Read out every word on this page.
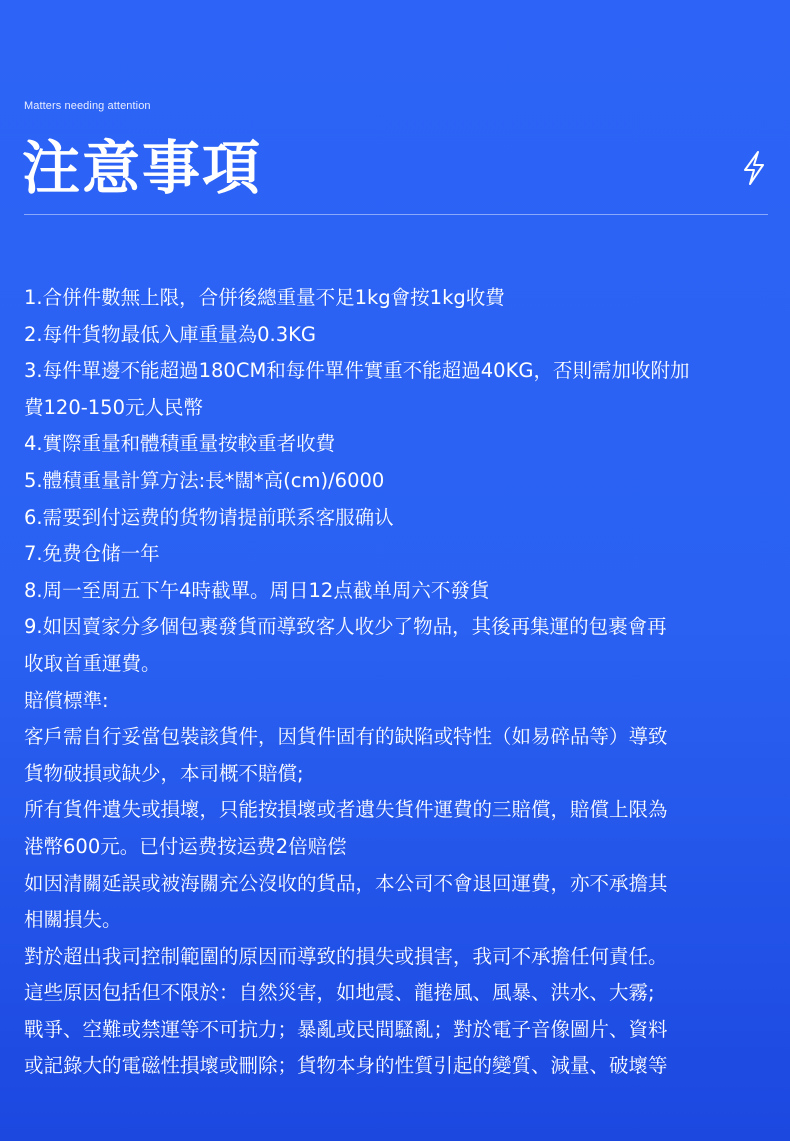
Matters needing attention
注意事項
1.合併件數無上限，合併後總重量不足1kg會按1kg收費
2.每件貨物最低入庫重量為0.3KG
3.每件單邊不能超過180CM和每件單件實重不能超過40KG，否則需加收附加
費120-150元人民幣
4.實際重量和體積重量按較重者收費
5.體積重量計算方法:長*闊*高(cm)/6000
6.需要到付运费的货物请提前联系客服确认
7.免费仓储一年
8.周一至周五下午4時截單。周日12点截单周六不發貨
9.如因賣家分多個包裹發貨而導致客人收少了物品，其後再集運的包裹會再
收取首重運費。
賠償標準:
客戶需自行妥當包裝該貨件，因貨件固有的缺陷或特性（如易碎品等）導致
貨物破損或缺少，本司概不賠償;
所有貨件遺失或損壞，只能按損壞或者遺失貨件運費的三賠償，賠償上限為
港幣600元。已付运费按运费2倍赔偿
如因清關延誤或被海關充公沒收的貨品，本公司不會退回運費，亦不承擔其
相關損失。
對於超出我司控制範圍的原因而導致的損失或損害，我司不承擔任何責任。
這些原因包括但不限於：自然災害，如地震、龍捲風、風暴、洪水、大霧;
戰爭、空難或禁運等不可抗力；暴亂或民間騷亂；對於電子音像圖片、資料
或記錄大的電磁性損壞或刪除；貨物本身的性質引起的變質、減量、破壞等
